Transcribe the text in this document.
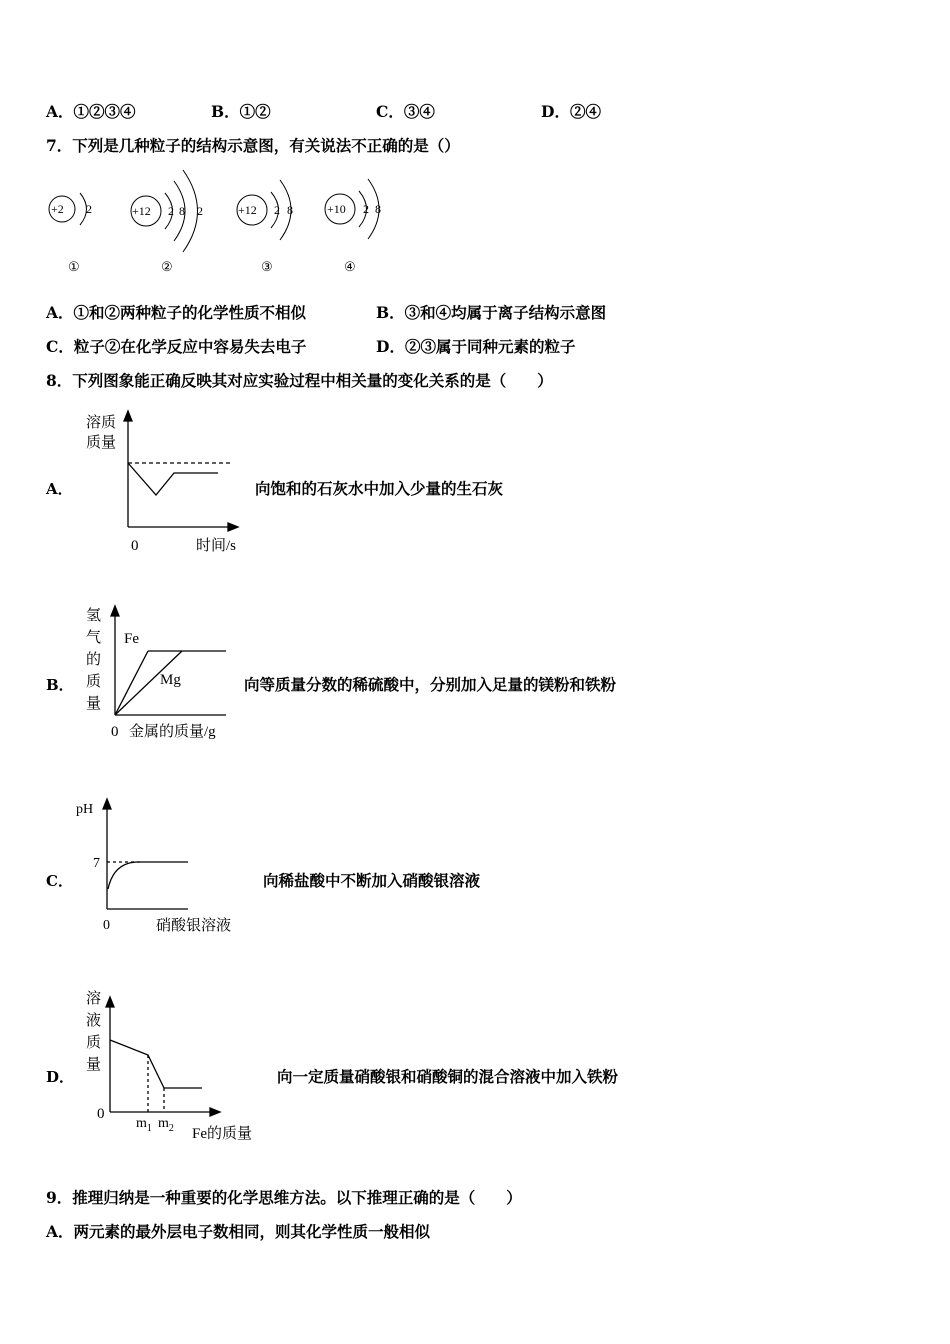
A．①②③④	B．①②	C．③④	D．②④
7．下列是几种粒子的结构示意图，有关说法不正确的是（）
+2 2	+12 2 8 2	+12 2 8	+10 2 8
①	②	③	④
A．①和②两种粒子的化学性质不相似	B．③和④均属于离子结构示意图
C．粒子②在化学反应中容易失去电子	D．②③属于同种元素的粒子
8．下列图象能正确反映其对应实验过程中相关量的变化关系的是（　　）
A．
溶质
质量
0	时间/s
向饱和的石灰水中加入少量的生石灰
B．
氢
气
的
质
量
Fe
Mg
0 金属的质量/g
向等质量分数的稀硫酸中，分别加入足量的镁粉和铁粉
C．
pH
7
0	硝酸银溶液
向稀盐酸中不断加入硝酸银溶液
D．
溶
液
质
量
0
$m_1$ $m_2$ Fe的质量
向一定质量硝酸银和硝酸铜的混合溶液中加入铁粉
9．推理归纳是一种重要的化学思维方法。以下推理正确的是（　　）
A．两元素的最外层电子数相同，则其化学性质一般相似
